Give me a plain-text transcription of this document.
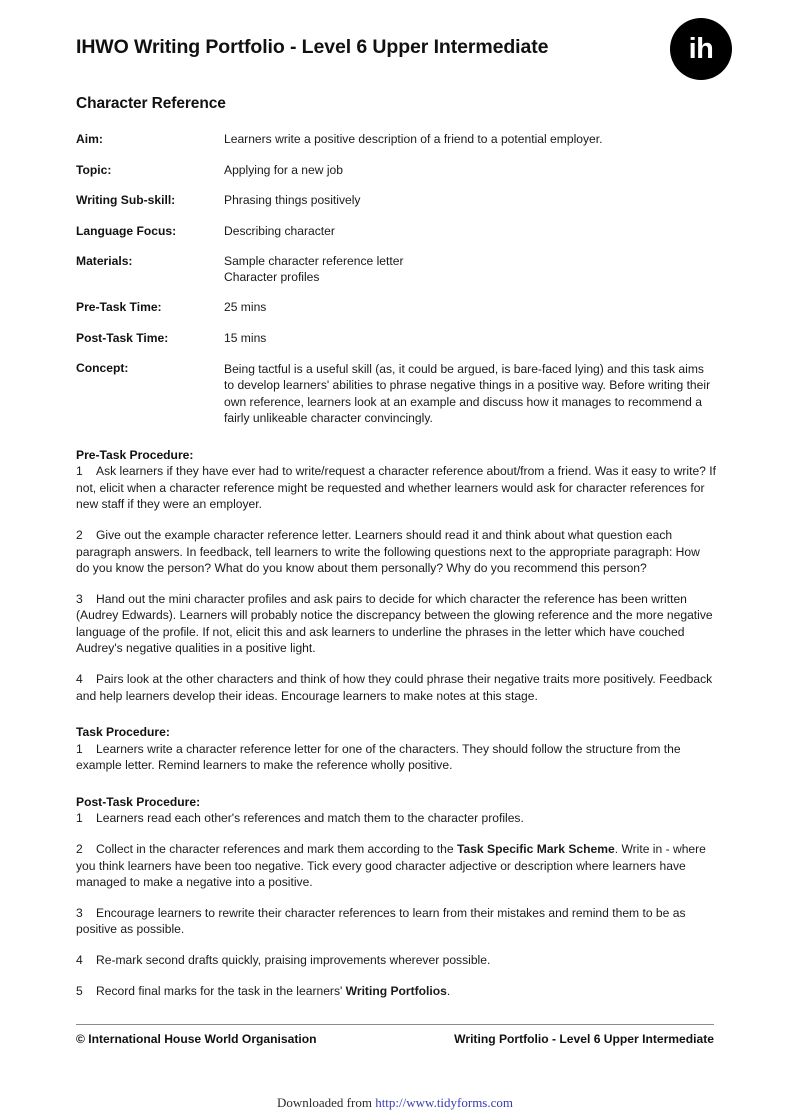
IHWO Writing Portfolio - Level 6 Upper Intermediate	ih
Character Reference
Aim:	Learners write a positive description of a friend to a potential employer.
Topic:	Applying for a new job
Writing Sub-skill:	Phrasing things positively
Language Focus:	Describing character
Materials:	Sample character reference letter
Character profiles

Pre-Task Time:	25 mins
Post-Task Time:	15 mins
Concept:	Being tactful is a useful skill (as, it could be argued, is bare-faced lying) and this task aims to develop learners' abilities to phrase negative things in a positive way. Before writing their own reference, learners look at an example and discuss how it manages to recommend a fairly unlikeable character convincingly.

Pre-Task Procedure:

1 Ask learners if they have ever had to write/request a character reference about/from a friend. Was it easy to write? If not, elicit when a character reference might be requested and whether learners would ask for character references for new staff if they were an employer.

2 Give out the example character reference letter. Learners should read it and think about what question each paragraph answers. In feedback, tell learners to write the following questions next to the appropriate paragraph: How do you know the person? What do you know about them personally? Why do you recommend this person?

3 Hand out the mini character profiles and ask pairs to decide for which character the reference has been written (Audrey Edwards). Learners will probably notice the discrepancy between the glowing reference and the more negative language of the profile. If not, elicit this and ask learners to underline the phrases in the letter which have couched Audrey's negative qualities in a positive light.

4 Pairs look at the other characters and think of how they could phrase their negative traits more positively. Feedback and help learners develop their ideas. Encourage learners to make notes at this stage.

Task Procedure:

1 Learners write a character reference letter for one of the characters. They should follow the structure from the example letter. Remind learners to make the reference wholly positive.

Post-Task Procedure:

1 Learners read each other's references and match them to the character profiles.

2 Collect in the character references and mark them according to the Task Specific Mark Scheme. Write in - where you think learners have been too negative. Tick every good character adjective or description where learners have managed to make a negative into a positive.

3 Encourage learners to rewrite their character references to learn from their mistakes and remind them to be as positive as possible.

4 Re-mark second drafts quickly, praising improvements wherever possible.

5 Record final marks for the task in the learners' Writing Portfolios.

© International House World Organisation	Writing Portfolio - Level 6 Upper Intermediate
Downloaded from http://www.tidyforms.com
